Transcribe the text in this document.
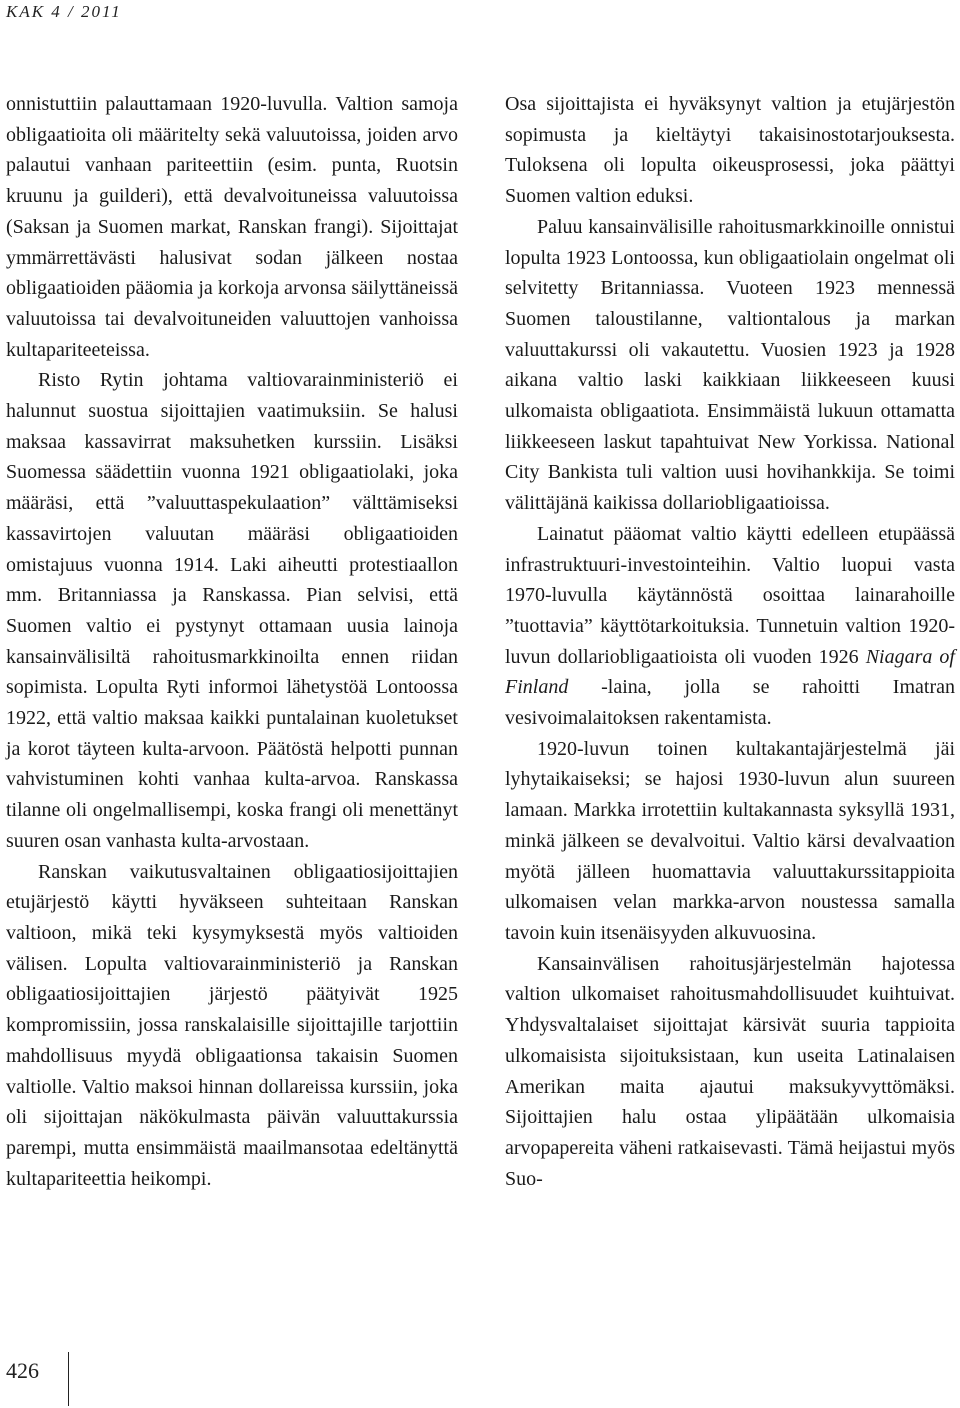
KAK 4 / 2011

onnistuttiin palauttamaan 1920-luvulla. Valtion samoja obligaatioita oli määritelty sekä valuutoissa, joiden arvo palautui vanhaan pariteettiin (esim. punta, Ruotsin kruunu ja guilderi), että devalvoituneissa valuutoissa (Saksan ja Suomen markat, Ranskan frangi). Sijoittajat ymmärrettävästi halusivat sodan jälkeen nostaa obligaatioiden pääomia ja korkoja arvonsa säilyttäneissä valuutoissa tai devalvoituneiden valuuttojen vanhoissa kultapariteeteissa.

Risto Rytin johtama valtiovarainministeriö ei halunnut suostua sijoittajien vaatimuksiin. Se halusi maksaa kassavirrat maksuhetken kurssiin. Lisäksi Suomessa säädettiin vuonna 1921 obligaatiolaki, joka määräsi, että ”valuuttaspekulaation” välttämiseksi kassavirtojen valuutan määräsi obligaatioiden omistajuus vuonna 1914. Laki aiheutti protestiaallon mm. Britanniassa ja Ranskassa. Pian selvisi, että Suomen valtio ei pystynyt ottamaan uusia lainoja kansainvälisiltä rahoitusmarkkinoilta ennen riidan sopimista. Lopulta Ryti informoi lähetystöä Lontoossa 1922, että valtio maksaa kaikki puntalainan kuoletukset ja korot täyteen kulta-arvoon. Päätöstä helpotti punnan vahvistuminen kohti vanhaa kulta-arvoa. Ranskassa tilanne oli ongelmallisempi, koska frangi oli menettänyt suuren osan vanhasta kulta-arvostaan.

Ranskan vaikutusvaltainen obligaatiosijoittajien etujärjestö käytti hyväkseen suhteitaan Ranskan valtioon, mikä teki kysymyksestä myös valtioiden välisen. Lopulta valtiovarainministeriö ja Ranskan obligaatiosijoittajien järjestö päätyivät 1925 kompromissiin, jossa ranskalaisille sijoittajille tarjottiin mahdollisuus myydä obligaationsa takaisin Suomen valtiolle. Valtio maksoi hinnan dollareissa kurssiin, joka oli sijoittajan näkökulmasta päivän valuuttakurssia parempi, mutta ensimmäistä maailmansotaa edeltänyttä kultapariteettia heikompi.

Osa sijoittajista ei hyväksynyt valtion ja etujärjestön sopimusta ja kieltäytyi takaisinostotarjouksesta. Tuloksena oli lopulta oikeusprosessi, joka päättyi Suomen valtion eduksi.

Paluu kansainvälisille rahoitusmarkkinoille onnistui lopulta 1923 Lontoossa, kun obligaatiolain ongelmat oli selvitetty Britanniassa. Vuoteen 1923 mennessä Suomen taloustilanne, valtiontalous ja markan valuuttakurssi oli vakautettu. Vuosien 1923 ja 1928 aikana valtio laski kaikkiaan liikkeeseen kuusi ulkomaista obligaatiota. Ensimmäistä lukuun ottamatta liikkeeseen laskut tapahtuivat New Yorkissa. National City Bankista tuli valtion uusi hovihankkija. Se toimi välittäjänä kaikissa dollariobligaatioissa.

Lainatut pääomat valtio käytti edelleen etupäässä infrastruktuuri-investointeihin. Valtio luopui vasta 1970-luvulla käytännöstä osoittaa lainarahoille ”tuottavia” käyttötarkoituksia. Tunnetuin valtion 1920-luvun dollariobligaatioista oli vuoden 1926 Niagara of Finland -laina, jolla se rahoitti Imatran vesivoimalaitoksen rakentamista.

1920-luvun toinen kultakantajärjestelmä jäi lyhytaikaiseksi; se hajosi 1930-luvun alun suureen lamaan. Markka irrotettiin kultakannasta syksyllä 1931, minkä jälkeen se devalvoitui. Valtio kärsi devalvaation myötä jälleen huomattavia valuuttakurssitappioita ulkomaisen velan markka-arvon noustessa samalla tavoin kuin itsenäisyyden alkuvuosina.

Kansainvälisen rahoitusjärjestelmän hajotessa valtion ulkomaiset rahoitusmahdollisuudet kuihtuivat. Yhdysvaltalaiset sijoittajat kärsivät suuria tappioita ulkomaisista sijoituksistaan, kun useita Latinalaisen Amerikan maita ajautui maksukyvyttömäksi. Sijoittajien halu ostaa ylipäätään ulkomaisia arvopapereita väheni ratkaisevasti. Tämä heijastui myös Suo-

426
